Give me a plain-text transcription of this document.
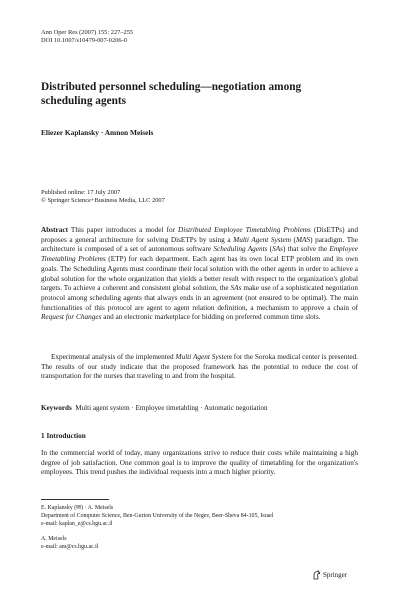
Ann Oper Res (2007) 155: 227–255
DOI 10.1007/s10479-007-0206-0
Distributed personnel scheduling—negotiation among
scheduling agents
Eliezer Kaplansky · Amnon Meisels
Published online: 17 July 2007
© Springer Science+Business Media, LLC 2007

Abstract This paper introduces a model for Distributed Employee Timetabling Problems (DisETPs) and proposes a general architecture for solving DisETPs by using a Multi Agent System (MAS) paradigm. The architecture is composed of a set of autonomous software Scheduling Agents (SAs) that solve the Employee Timetabling Problems (ETP) for each department. Each agent has its own local ETP problem and its own goals. The Scheduling Agents must coordinate their local solution with the other agents in order to achieve a global solution for the whole organization that yields a better result with respect to the organization's global targets. To achieve a coherent and consistent global solution, the SAs make use of a sophisticated negotiation protocol among scheduling agents that always ends in an agreement (not ensured to be optimal). The main functionalities of this protocol are agent to agent relation definition, a mechanism to approve a chain of Request for Changes and an electronic marketplace for bidding on preferred common time slots.

Experimental analysis of the implemented Multi Agent System for the Soroka medical center is presented. The results of our study indicate that the proposed framework has the potential to reduce the cost of transportation for the nurses that traveling to and from the hospital.

Keywords Multi agent system · Employee timetabling · Automatic negotiation
1 Introduction

In the commercial world of today, many organizations strive to reduce their costs while maintaining a high degree of job satisfaction. One common goal is to improve the quality of timetabling for the organization's employees. This trend pushes the individual requests into a much higher priority.

E. Kaplansky (✉) · A. Meisels
Department of Computer Science, Ben-Gurion University of the Negev, Beer-Sheva 84-105, Israel
e-mail: kaplan_e@cs.bgu.ac.il
A. Meisels
e-mail: am@cs.bgu.ac.il
Springer
